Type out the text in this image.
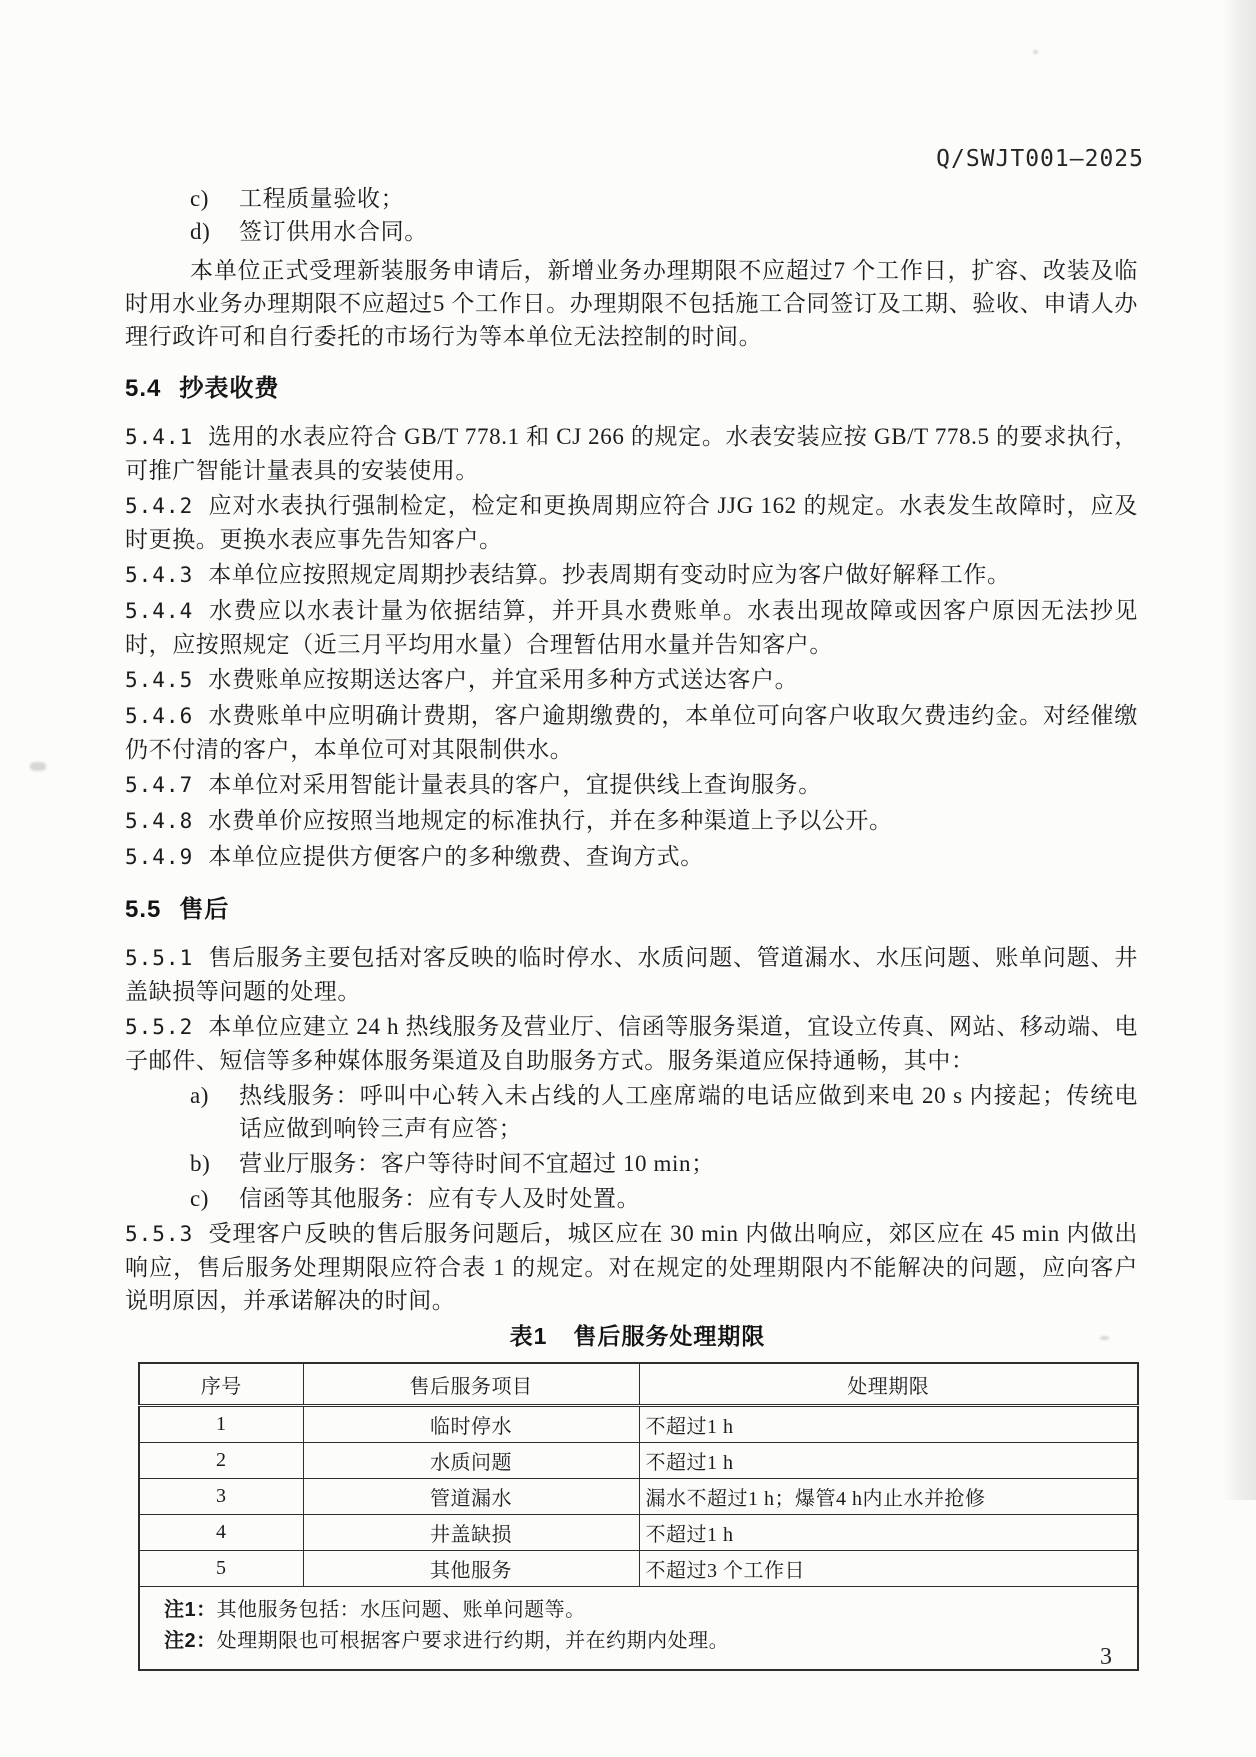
Q/SWJT001—2025
c)	工程质量验收；
d)	签订供用水合同。

本单位正式受理新装服务申请后，新增业务办理期限不应超过7 个工作日，扩容、改装及临时用水业务办理期限不应超过5 个工作日。办理期限不包括施工合同签订及工期、验收、申请人办理行政许可和自行委托的市场行为等本单位无法控制的时间。

5.4 抄表收费

5.4.1 选用的水表应符合 GB/T 778.1 和 CJ 266 的规定。水表安装应按 GB/T 778.5 的要求执行，可推广智能计量表具的安装使用。

5.4.2 应对水表执行强制检定，检定和更换周期应符合 JJG 162 的规定。水表发生故障时，应及时更换。更换水表应事先告知客户。

5.4.3 本单位应按照规定周期抄表结算。抄表周期有变动时应为客户做好解释工作。

5.4.4 水费应以水表计量为依据结算，并开具水费账单。水表出现故障或因客户原因无法抄见时，应按照规定（近三月平均用水量）合理暂估用水量并告知客户。

5.4.5 水费账单应按期送达客户，并宜采用多种方式送达客户。

5.4.6 水费账单中应明确计费期，客户逾期缴费的，本单位可向客户收取欠费违约金。对经催缴仍不付清的客户，本单位可对其限制供水。

5.4.7 本单位对采用智能计量表具的客户，宜提供线上查询服务。

5.4.8 水费单价应按照当地规定的标准执行，并在多种渠道上予以公开。

5.4.9 本单位应提供方便客户的多种缴费、查询方式。

5.5 售后

5.5.1 售后服务主要包括对客反映的临时停水、水质问题、管道漏水、水压问题、账单问题、井盖缺损等问题的处理。

5.5.2 本单位应建立 24 h 热线服务及营业厅、信函等服务渠道，宜设立传真、网站、移动端、电子邮件、短信等多种媒体服务渠道及自助服务方式。服务渠道应保持通畅，其中：

a)	热线服务：呼叫中心转入未占线的人工座席端的电话应做到来电 20 s 内接起；传统电话应做到响铃三声有应答；
b)	营业厅服务：客户等待时间不宜超过 10 min；
c)	信函等其他服务：应有专人及时处置。

5.5.3 受理客户反映的售后服务问题后，城区应在 30 min 内做出响应，郊区应在 45 min 内做出响应，售后服务处理期限应符合表 1 的规定。对在规定的处理期限内不能解决的问题，应向客户说明原因，并承诺解决的时间。

表1 售后服务处理期限
序号	售后服务项目	处理期限
1	临时停水	不超过1 h
2	水质问题	不超过1 h
3	管道漏水	漏水不超过1 h；爆管4 h内止水并抢修
4	井盖缺损	不超过1 h
5	其他服务	不超过3 个工作日

注1：其他服务包括：水压问题、账单问题等。
注2：处理期限也可根据客户要求进行约期，并在约期内处理。		
3
